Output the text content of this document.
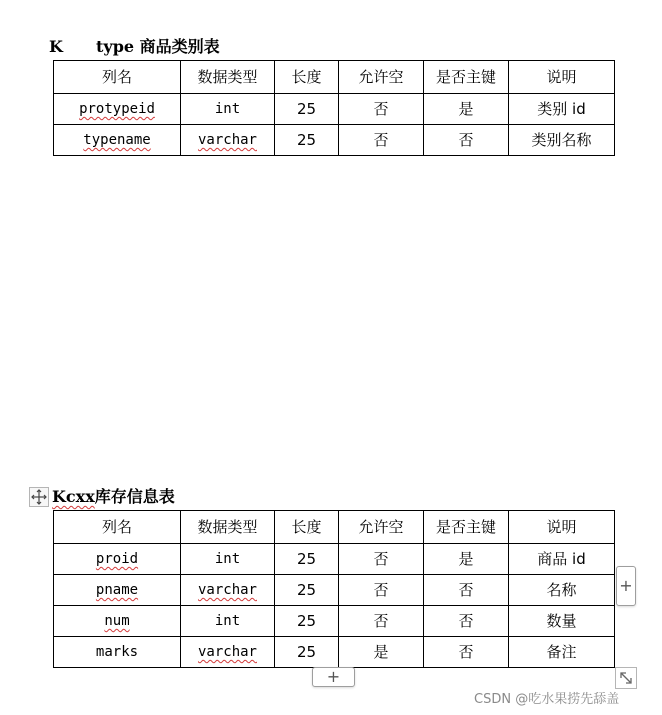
K type 商品类别表
列名	数据类型	长度	允许空	是否主键	说明
protypeid	int	25	否	是	类别 id
typename	varchar	25	否	否	类别名称
Kcxx库存信息表
列名	数据类型	长度	允许空	是否主键	说明
proid	int	25	否	是	商品 id
pname	varchar	25	否	否	名称
num	int	25	否	否	数量
marks	varchar	25	是	否	备注
+
+
CSDN @吃水果捞先舔盖
